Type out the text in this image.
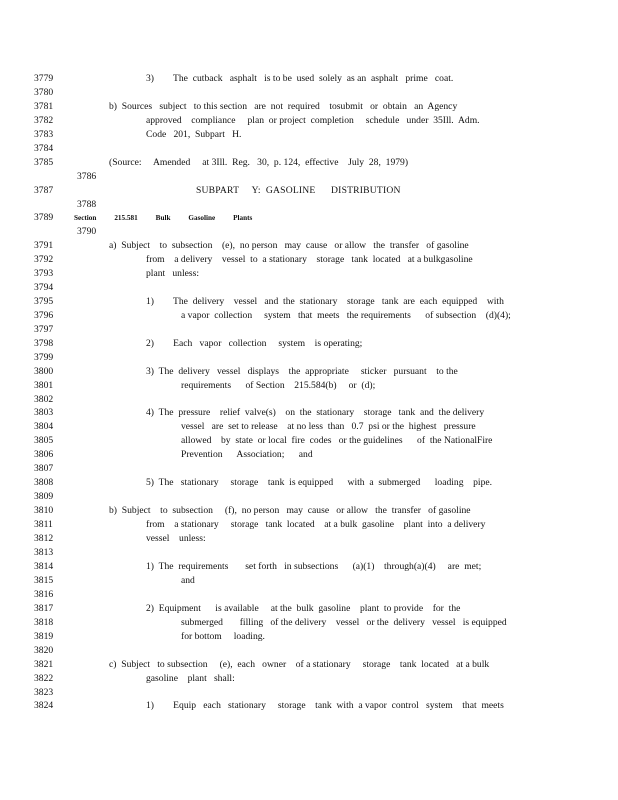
3779
3780
3781
3782
3783
3784
3785
3786
3787
3788
3789
3790
3791
3792
3793
3794
3795
3796
3797
3798
3799
3800
3801
3802
3803
3804
3805
3806
3807
3808
3809
3810
3811
3812
3813
3814
3815
3816
3817
3818
3819
3820
3821
3822
3823
3824
3)        The  cutback   asphalt   is to be  used  solely  as an  asphalt   prime   coat.
b)  Sources   subject   to this section   are  not  required    tosubmit   or  obtain   an  Agency
approved    compliance     plan  or project  completion     schedule   under  35Ill.  Adm.
Code   201,  Subpart   H.
(Source:     Amended     at 3Ill.  Reg.   30,  p. 124,  effective    July  28,  1979)
SUBPART     Y:  GASOLINE      DISTRIBUTION
Section          215.581          Bulk          Gasoline          Plants
a)  Subject    to  subsection    (e),  no person   may  cause   or allow   the  transfer   of gasoline
from    a delivery    vessel  to  a stationary    storage   tank  located   at a bulkgasoline
plant   unless:
1)        The  delivery    vessel   and  the  stationary    storage   tank  are  each  equipped    with
a vapor  collection     system   that  meets   the requirements      of subsection    (d)(4);
2)        Each   vapor   collection     system    is operating;
3)  The  delivery   vessel   displays    the  appropriate     sticker   pursuant    to the
requirements      of Section    215.584(b)     or  (d);
4)  The  pressure    relief  valve(s)    on  the  stationary    storage   tank  and  the delivery
vessel   are  set to release    at no less  than   0.7  psi or the  highest   pressure
allowed    by  state  or local  fire  codes   or the guidelines      of  the NationalFire
Prevention      Association;      and
5)  The   stationary     storage    tank  is equipped      with  a  submerged      loading    pipe.
b)  Subject    to  subsection     (f),  no person   may  cause   or allow   the  transfer   of gasoline
from    a stationary     storage   tank  located    at a bulk  gasoline    plant  into  a delivery
vessel    unless:
1)  The  requirements       set forth   in subsections      (a)(1)    through(a)(4)     are  met;
and
2)  Equipment      is available     at the  bulk  gasoline    plant  to provide    for  the
submerged       filling   of the delivery    vessel   or the  delivery   vessel   is equipped
for bottom     loading.
c)  Subject   to subsection     (e),  each   owner    of a stationary     storage    tank  located   at a bulk
gasoline    plant   shall:
1)        Equip   each   stationary     storage    tank  with  a vapor  control   system    that  meets
